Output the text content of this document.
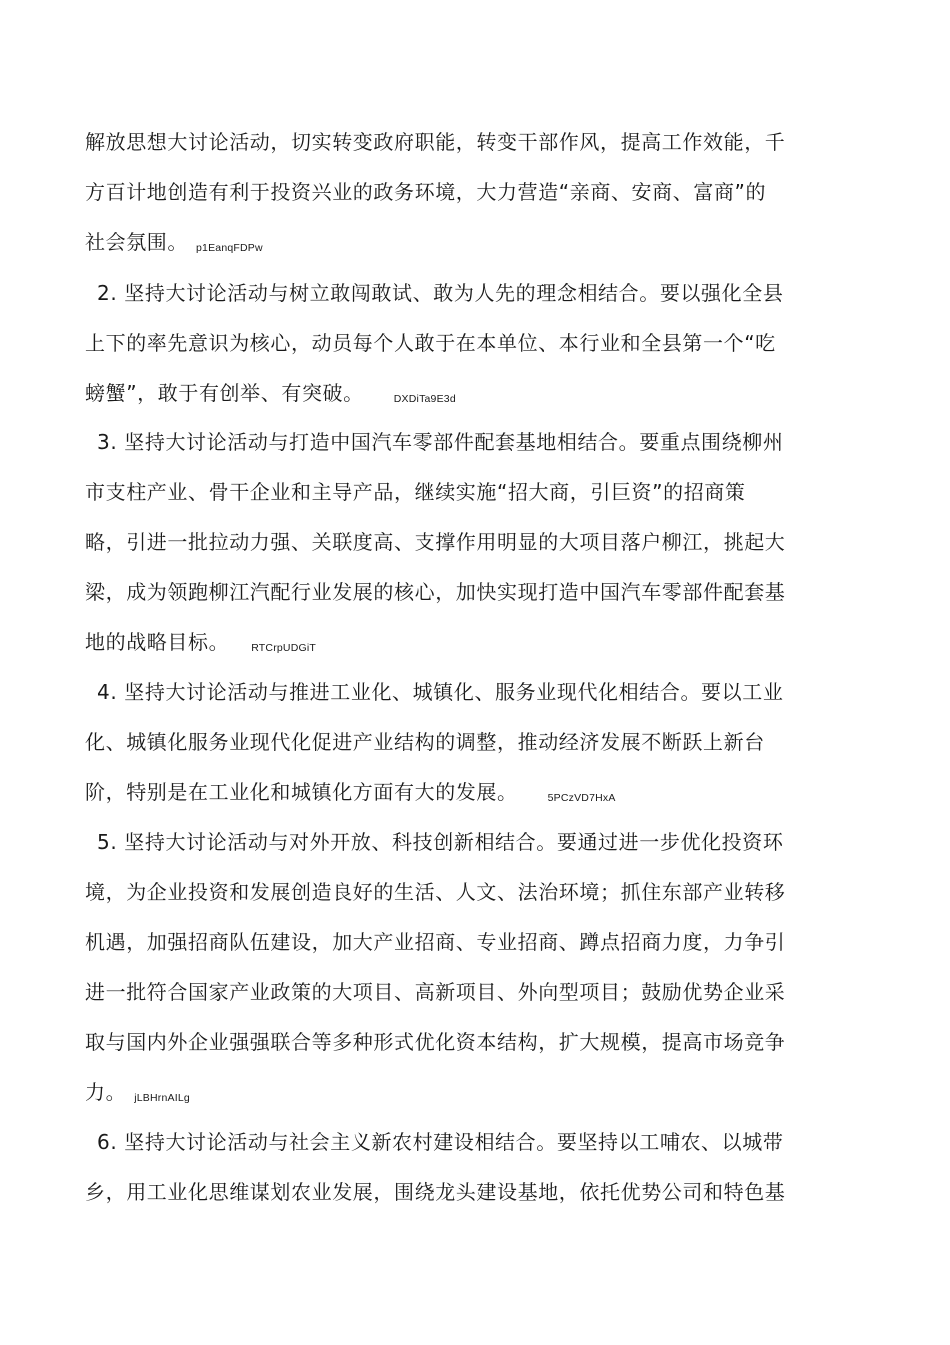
解放思想大讨论活动，切实转变政府职能，转变干部作风，提高工作效能，千
方百计地创造有利于投资兴业的政务环境，大力营造“亲商、安商、富商”的
社会氛围。 p1EanqFDPw
2. 坚持大讨论活动与树立敢闯敢试、敢为人先的理念相结合。要以强化全县
上下的率先意识为核心，动员每个人敢于在本单位、本行业和全县第一个“吃
螃蟹”，敢于有创举、有突破。	DXDiTa9E3d
3. 坚持大讨论活动与打造中国汽车零部件配套基地相结合。要重点围绕柳州
市支柱产业、骨干企业和主导产品，继续实施“招大商，引巨资”的招商策
略，引进一批拉动力强、关联度高、支撑作用明显的大项目落户柳江，挑起大
梁，成为领跑柳江汽配行业发展的核心，加快实现打造中国汽车零部件配套基
地的战略目标。 RTCrpUDGiT
4. 坚持大讨论活动与推进工业化、城镇化、服务业现代化相结合。要以工业
化、城镇化服务业现代化促进产业结构的调整，推动经济发展不断跃上新台
阶，特别是在工业化和城镇化方面有大的发展。	5PCzVD7HxA
5. 坚持大讨论活动与对外开放、科技创新相结合。要通过进一步优化投资环
境，为企业投资和发展创造良好的生活、人文、法治环境；抓住东部产业转移
机遇，加强招商队伍建设，加大产业招商、专业招商、蹲点招商力度，力争引
进一批符合国家产业政策的大项目、高新项目、外向型项目；鼓励优势企业采
取与国内外企业强强联合等多种形式优化资本结构，扩大规模，提高市场竞争
力。 jLBHrnAILg
6. 坚持大讨论活动与社会主义新农村建设相结合。要坚持以工哺农、以城带
乡，用工业化思维谋划农业发展，围绕龙头建设基地，依托优势公司和特色基
